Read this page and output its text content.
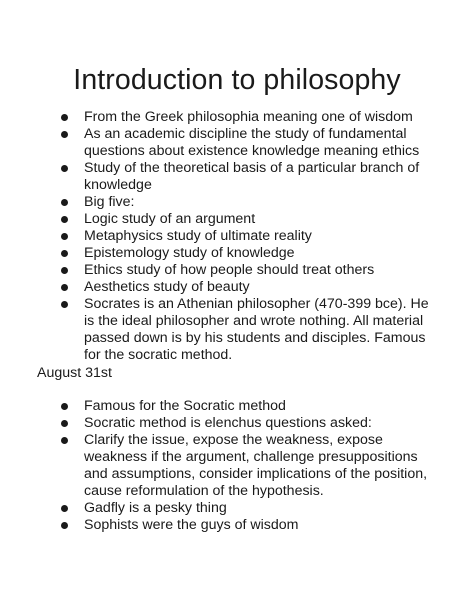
Introduction to philosophy
From the Greek philosophia meaning one of wisdom
As an academic discipline the study of fundamental questions about existence knowledge meaning ethics
Study of the theoretical basis of a particular branch of knowledge
Big five:
Logic study of an argument
Metaphysics study of ultimate reality
Epistemology study of knowledge
Ethics study of how people should treat others
Aesthetics study of beauty
Socrates is an Athenian philosopher (470-399 bce). He is the ideal philosopher and wrote nothing. All material passed down is by his students and disciples. Famous for the socratic method.
August 31st
Famous for the Socratic method
Socratic method is elenchus questions asked:
Clarify the issue, expose the weakness, expose weakness if the argument, challenge presuppositions and assumptions, consider implications of the position, cause reformulation of the hypothesis.
Gadfly is a pesky thing
Sophists were the guys of wisdom
